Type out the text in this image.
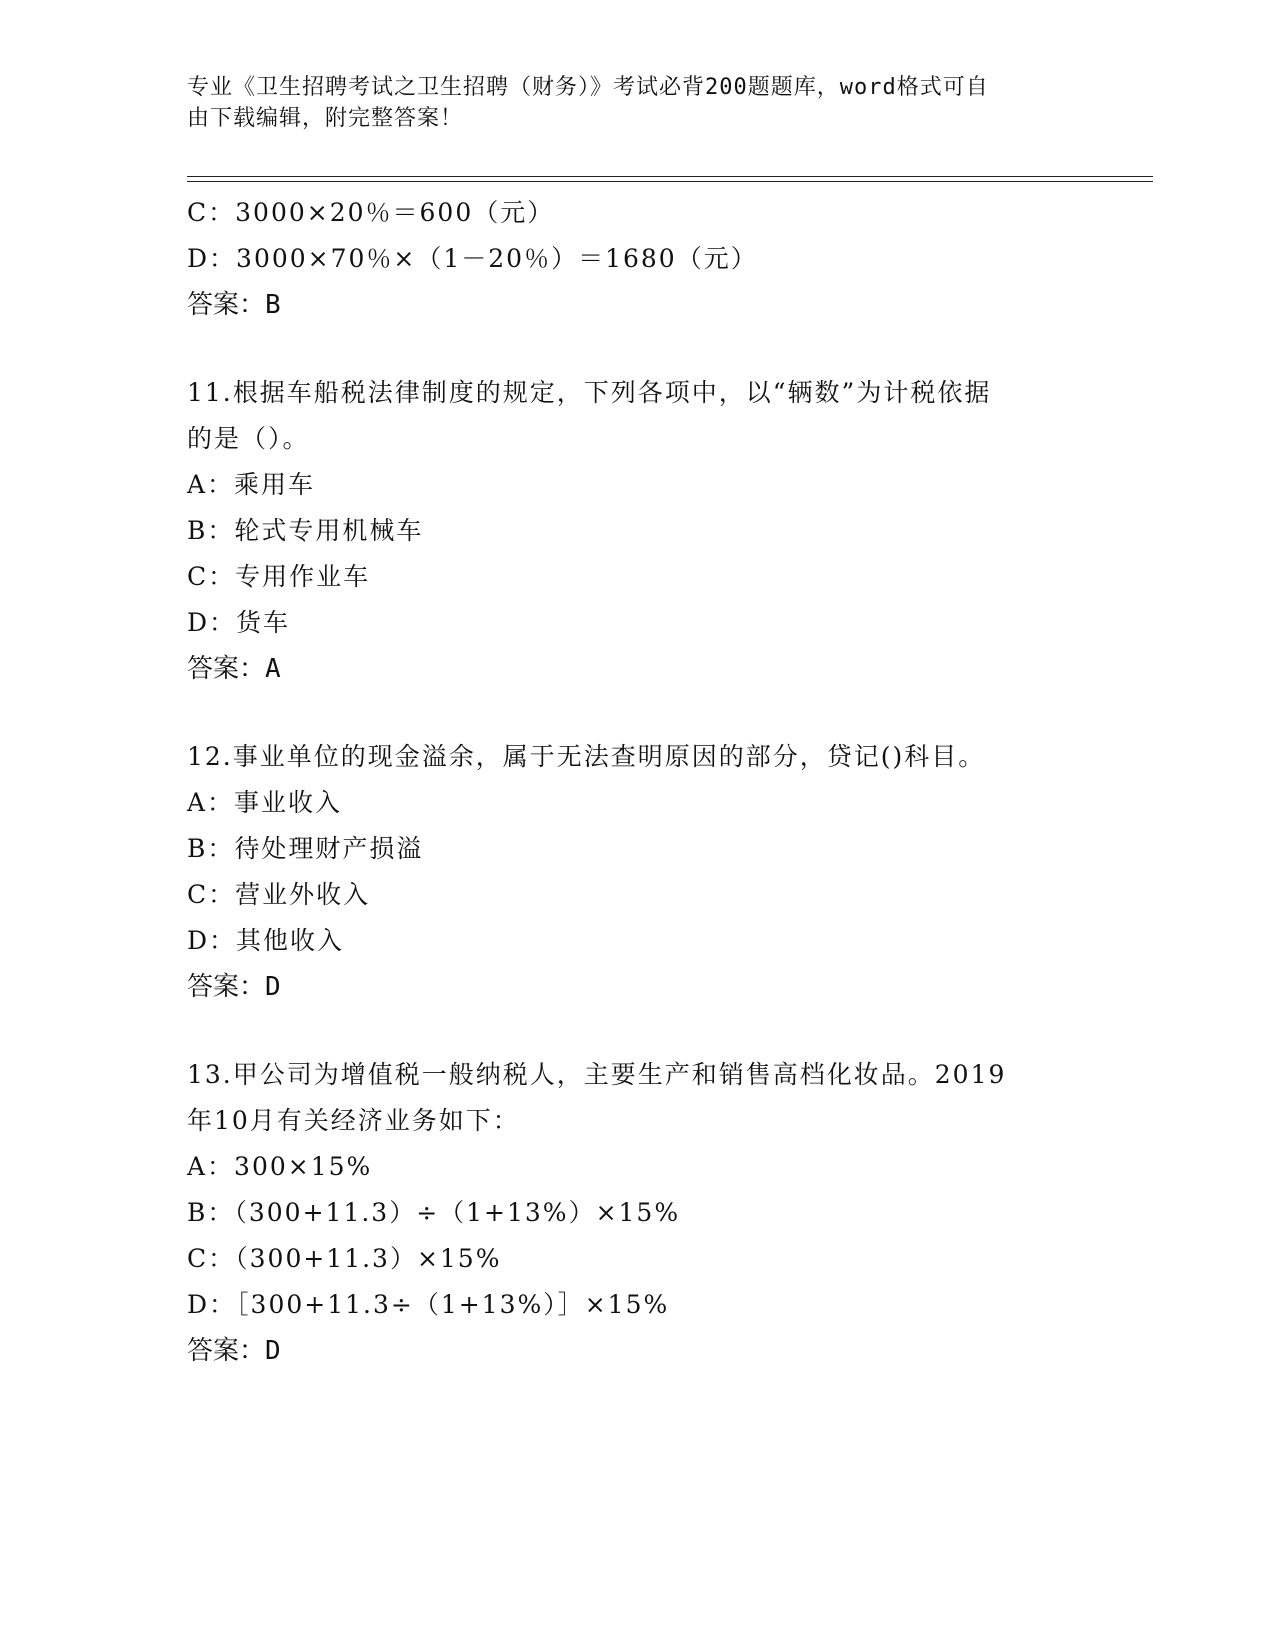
专业《卫生招聘考试之卫生招聘（财务）》考试必背200题题库，word格式可自
由下载编辑，附完整答案！
C：3000×20％＝600（元）
D：3000×70％×（1－20％）＝1680（元）
答案：B
11.根据车船税法律制度的规定，下列各项中，以“辆数”为计税依据
的是（）。
A：乘用车
B：轮式专用机械车
C：专用作业车
D：货车
答案：A
12.事业单位的现金溢余，属于无法查明原因的部分，贷记()科目。
A：事业收入
B：待处理财产损溢
C：营业外收入
D：其他收入
答案：D
13.甲公司为增值税一般纳税人，主要生产和销售高档化妆品。2019
年10月有关经济业务如下：
A：300×15%
B：（300+11.3）÷（1+13%）×15%
C：（300+11.3）×15%
D：［300+11.3÷（1+13%）］×15%
答案：D
